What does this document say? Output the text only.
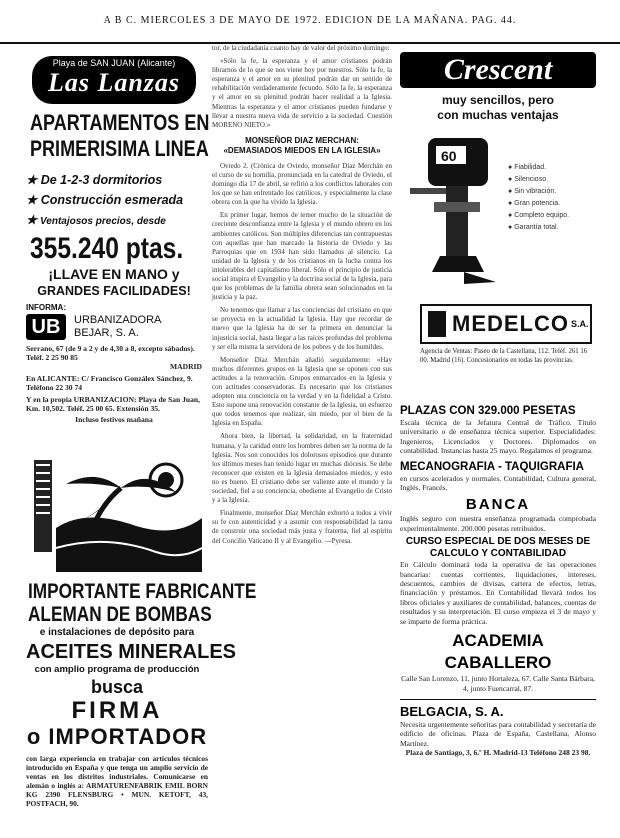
A B C. MIERCOLES 3 DE MAYO DE 1972. EDICION DE LA MAÑANA. PAG. 44.
Playa de SAN JUAN (Alicante)
Las Lanzas
APARTAMENTOS EN
PRIMERISIMA LINEA
★ De 1-2-3 dormitorios
★ Construcción esmerada
★ Ventajosos precios, desde
355.240 ptas.
¡LLAVE EN MANO y
GRANDES FACILIDADES!
INFORMA:
UB	URBANIZADORA
BEJAR, S. A.
Serrano, 67 (de 9 a 2 y de 4,30 a 8, excepto sábados). Teléf. 2 25 90 85
MADRID
En ALICANTE: C/ Francisco Gonzálex Sánchez, 9. Teléfono 22 30 74
Y en la propia URBANIZACION: Playa de San Juan, Km. 10,502. Teléf. 25 00 65. Extensión 35.
Incluso festivos mañana
IMPORTANTE FABRICANTE
ALEMAN DE BOMBAS
e instalaciones de depósito para
ACEITES MINERALES
con amplio programa de producción
busca
FIRMA
o IMPORTADOR
con larga experiencia en trabajar con artículos técnicos introducido en España y que tenga un amplio servicio de ventas en los distritos industriales. Comunicarse en alemán o inglés a: ARMATURENFABRIK EMIL BORN KG 2390 FLENSBURG • MUN. KETOFT, 43, POSTFACH, 90.

tor, de la ciudadanía cuanto hay de valor del próximo domingo:

«Sólo la fe, la esperanza y el amor cristianos podrán librarnos de lo que se nos viene hoy por nuestros. Sólo la fe, la esperanza y el amor en su plenitud podrán dar un sentido de rehabilitación verdaderamente fecundo. Sólo la fe, la esperanza y el amor en su plenitud podrán hacer realidad a la Iglesia. Mientras la esperanza y el amor cristianos pueden fundarse y llevar a nuestra nueva vida de servicio a la sociedad. Cuestión MORENO NIETO.»

MONSEÑOR DIAZ MERCHAN:
«DEMASIADOS MIEDOS EN LA IGLESIA»

Oviedo 2. (Crónica de Oviedo, monseñor Díaz Merchán en el curso de su homilía, pronunciada en la catedral de Oviedo, el domingo día 17 de abril, se refirió a los conflictos laborales con los que se han enfrentado los católicos, y especialmente la clase obrera con la que ha vivido la Iglesia.

En primer lugar, hemos de temer mucho de la situación de creciente desconfianza entre la Iglesia y el mundo obrero en los ambientes católicos. Son múltiples diferencias tan contrapuestas con aquellas que han marcado la historia de Oviedo y las Parroquias que en 1934 han sido llamados al silencio. La unidad de la Iglesia y de los cristianos en la lucha contra los intolerables del capitalismo liberal. Sólo el principio de justicia social inspira el Evangelio y la doctrina social de la Iglesia, para que los problemas de la familia obrera sean solucionados en la justicia y la paz.

No tenemos que llamar a las conciencias del cristiano en que se proyecta en la actualidad la Iglesia. Hay que recordar de nuevo que la Iglesia ha de ser la primera en denunciar la injusticia social, hasta llegar a las raíces profundas del problema y ser ella misma la servidora de los pobres y de los humildes.

Monseñor Díaz Merchán añadió seguidamente: «Hay muchos diferentes grupos en la Iglesia que se oponen con sus actitudes a la renovación. Grupos enmarcados en la Iglesia y con actitudes conservadoras. Es necesario que los cristianos adopten una conciencia en la verdad y en la fidelidad a Cristo. Esto supone una renovación constante de la Iglesia, un esfuerzo que todos tenemos que realizar, sin miedo, por el bien de la Iglesia en España.

Ahora bien, la libertad, la solidaridad, en la fraternidad humana, y la caridad entre los hombres deben ser la norma de la Iglesia. Nos son conocidos los dolorosos episodios que durante los últimos meses han tenido lugar en muchas diócesis. Se debe reconocer que existen en la Iglesia demasiados miedos, y esto no es bueno. El cristiano debe ser valiente ante el mundo y la sociedad, fiel a su conciencia, obediente al Evangelio de Cristo y a la Iglesia.

Finalmente, monseñor Díaz Merchán exhortó a todos a vivir su fe con autenticidad y a asumir con responsabilidad la tarea de construir una sociedad más justa y fraterna, fiel al espíritu del Concilio Vaticano II y al Evangelio. —Pyresa.

Crescent
muy sencillos, pero
con muchas ventajas
60
● Fiabilidad.
● Silencioso.
● Sin vibración.
● Gran potencia.
● Completo equipo.
● Garantía total.
MEDELCO S.A.
Agencia de Ventas: Paseo de la Castellana, 112. Teléf. 261 16 00. Madrid (16). Concesionarios en todas las provincias.
PLAZAS CON 329.000 PESETAS
Escala técnica de la Jefatura Central de Tráfico. Título universitario o de enseñanza técnica superior. Especialidades: Ingenieros, Licenciados y Doctores. Diplomados en contabilidad. Instancias hasta 25 mayo. Regalamos el programa.
MECANOGRAFIA - TAQUIGRAFIA
en cursos acelerados y normales. Contabilidad, Cultura general, Inglés, Francés.
BANCA
Inglés seguro con nuestra enseñanza programada comprobada experimentalmente. 200.000 pesetas retribuidos.
CURSO ESPECIAL DE DOS MESES DE CALCULO Y CONTABILIDAD
En Cálculo dominará toda la operativa de las operaciones bancarias: cuentas corrientes, liquidaciones, intereses, descuentos, cambios de divisas, cartera de efectos, letras, financiación y préstamos. En Contabilidad llevará todos los libros oficiales y auxiliares de contabilidad, balances, cuentas de resultados y su interpretación. El curso empieza el 3 de mayo y se imparte de forma práctica.
ACADEMIA CABALLERO
Calle San Lorenzo, 11, junto Hortaleza, 67. Calle Santa Bárbara, 4, junto Fuencarral, 87.
BELGACIA, S. A.
Necesita urgentemente señoritas para contabilidad y secretaría de edificio de oficinas. Plaza de España, Castellana, Alonso Martínez.
Plaza de Santiago, 3, 6.º H. Madrid-13 Teléfono 248 23 98.
